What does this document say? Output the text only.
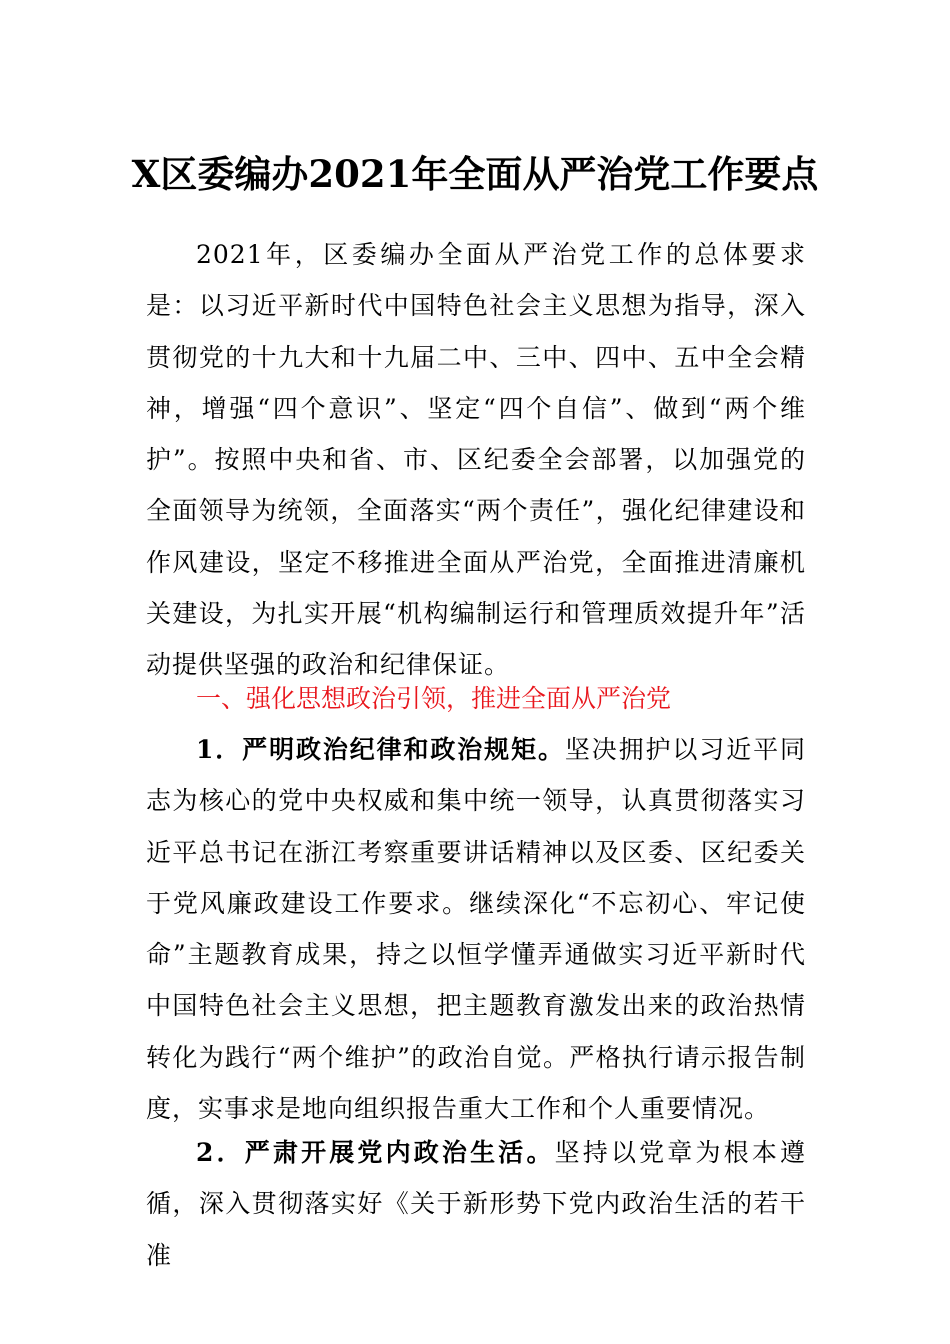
X区委编办2021年全面从严治党工作要点
2021年，区委编办全面从严治党工作的总体要求是：以习近平新时代中国特色社会主义思想为指导，深入贯彻党的十九大和十九届二中、三中、四中、五中全会精神，增强“四个意识”、坚定“四个自信”、做到“两个维护”。按照中央和省、市、区纪委全会部署，以加强党的全面领导为统领，全面落实“两个责任”，强化纪律建设和作风建设，坚定不移推进全面从严治党，全面推进清廉机关建设，为扎实开展“机构编制运行和管理质效提升年”活动提供坚强的政治和纪律保证。
一、强化思想政治引领，推进全面从严治党
1．严明政治纪律和政治规矩。坚决拥护以习近平同志为核心的党中央权威和集中统一领导，认真贯彻落实习近平总书记在浙江考察重要讲话精神以及区委、区纪委关于党风廉政建设工作要求。继续深化“不忘初心、牢记使命”主题教育成果，持之以恒学懂弄通做实习近平新时代中国特色社会主义思想，把主题教育激发出来的政治热情转化为践行“两个维护”的政治自觉。严格执行请示报告制度，实事求是地向组织报告重大工作和个人重要情况。
2．严肃开展党内政治生活。坚持以党章为根本遵循，深入贯彻落实好《关于新形势下党内政治生活的若干准
